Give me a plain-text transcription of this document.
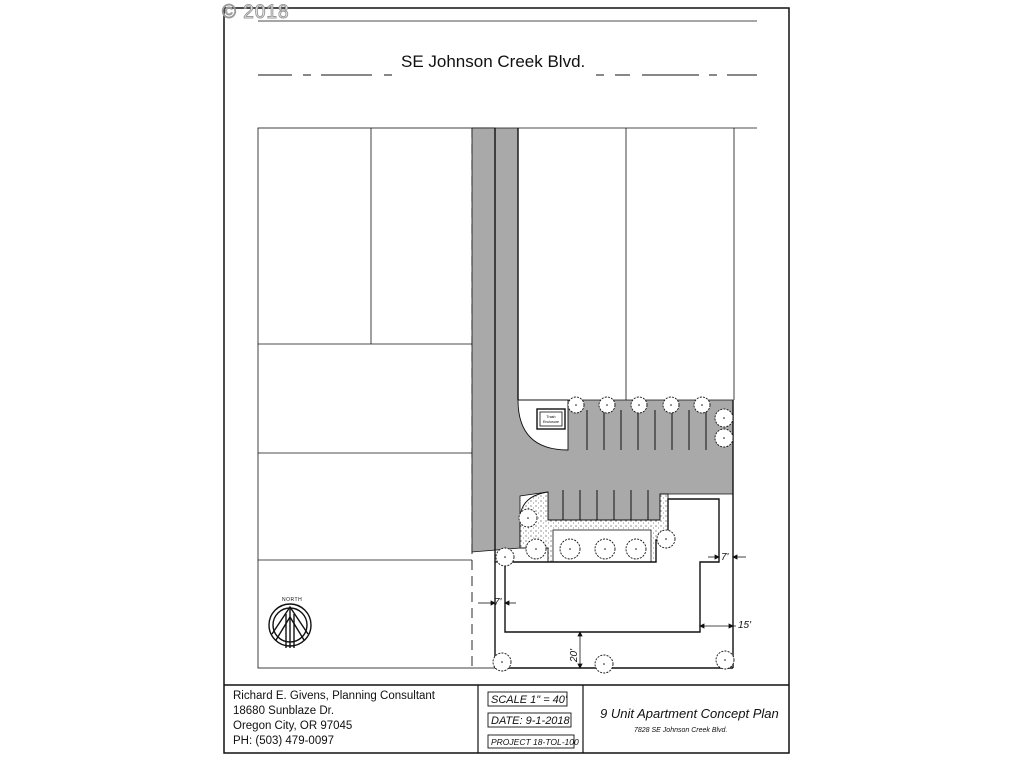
Trash
Enclosure
© 2018
SE Johnson Creek Blvd.
NORTH
7'
7'
15'
20'
Richard E. Givens, Planning Consultant
18680 Sunblaze Dr.
Oregon City, OR 97045
PH: (503) 479-0097
SCALE 1" = 40'
DATE: 9-1-2018
PROJECT 18-TOL-100
9 Unit Apartment Concept Plan
7828 SE Johnson Creek Blvd.
